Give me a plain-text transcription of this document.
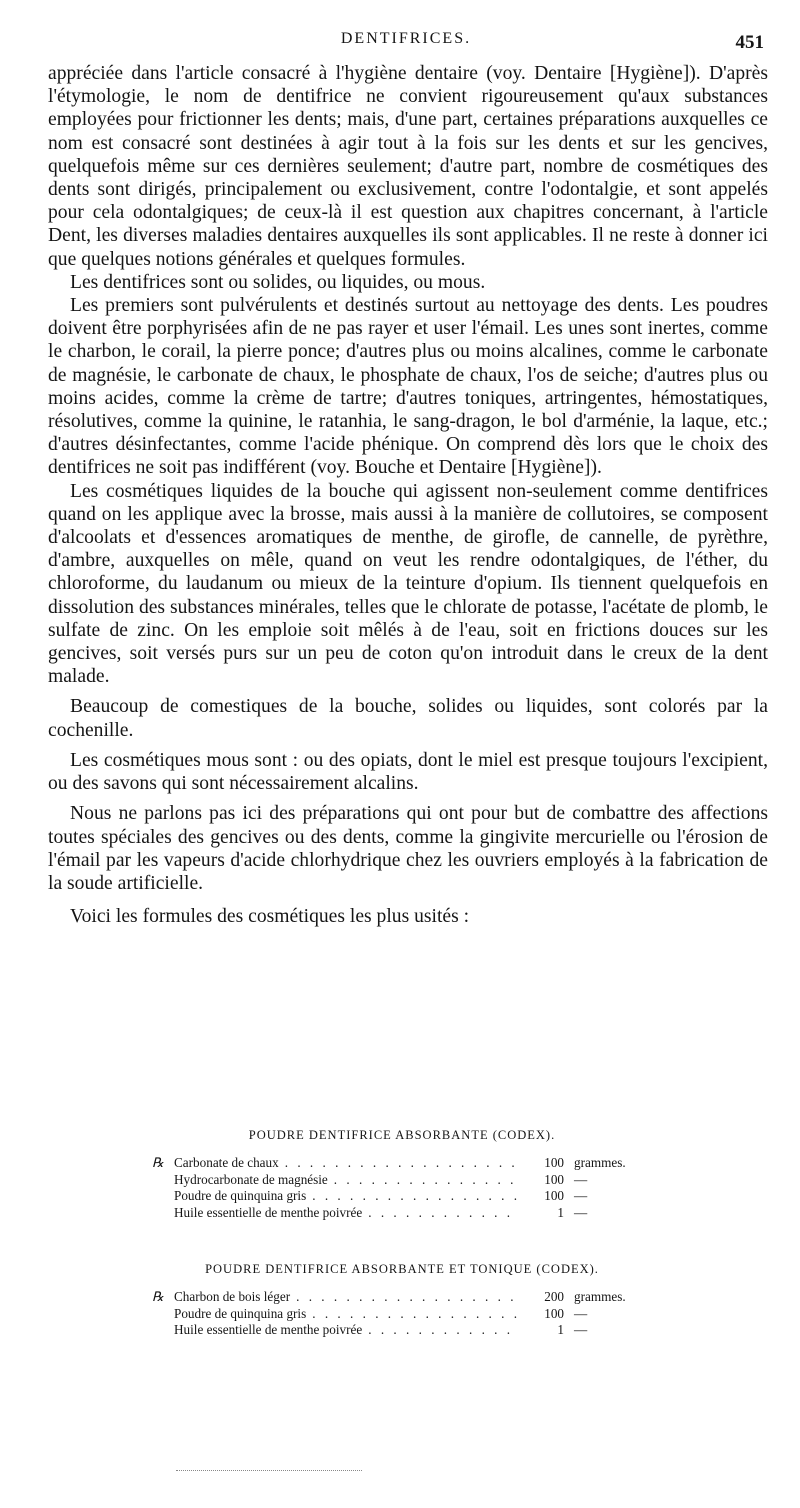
DENTIFRICES.	451

appréciée dans l'article consacré à l'hygiène dentaire (voy. Dentaire [Hygiène]). D'après l'étymologie, le nom de dentifrice ne convient rigoureusement qu'aux substances employées pour frictionner les dents; mais, d'une part, certaines préparations auxquelles ce nom est consacré sont destinées à agir tout à la fois sur les dents et sur les gencives, quelquefois même sur ces dernières seulement; d'autre part, nombre de cosmétiques des dents sont dirigés, principalement ou exclusivement, contre l'odontalgie, et sont appelés pour cela odontalgiques; de ceux-là il est question aux chapitres concernant, à l'article Dent, les diverses maladies dentaires auxquelles ils sont applicables. Il ne reste à donner ici que quelques notions générales et quelques formules.

Les dentifrices sont ou solides, ou liquides, ou mous.

Les premiers sont pulvérulents et destinés surtout au nettoyage des dents. Les poudres doivent être porphyrisées afin de ne pas rayer et user l'émail. Les unes sont inertes, comme le charbon, le corail, la pierre ponce; d'autres plus ou moins alcalines, comme le carbonate de magnésie, le carbonate de chaux, le phosphate de chaux, l'os de seiche; d'autres plus ou moins acides, comme la crème de tartre; d'autres toniques, artringentes, hémostatiques, résolutives, comme la quinine, le ratanhia, le sang-dragon, le bol d'arménie, la laque, etc.; d'autres désinfectantes, comme l'acide phénique. On comprend dès lors que le choix des dentifrices ne soit pas indifférent (voy. Bouche et Dentaire [Hygiène]).

Les cosmétiques liquides de la bouche qui agissent non-seulement comme dentifrices quand on les applique avec la brosse, mais aussi à la manière de collutoires, se composent d'alcoolats et d'essences aromatiques de menthe, de girofle, de cannelle, de pyrèthre, d'ambre, auxquelles on mêle, quand on veut les rendre odontalgiques, de l'éther, du chloroforme, du laudanum ou mieux de la teinture d'opium. Ils tiennent quelquefois en dissolution des substances minérales, telles que le chlorate de potasse, l'acétate de plomb, le sulfate de zinc. On les emploie soit mêlés à de l'eau, soit en frictions douces sur les gencives, soit versés purs sur un peu de coton qu'on introduit dans le creux de la dent malade.

Beaucoup de comestiques de la bouche, solides ou liquides, sont colorés par la cochenille.

Les cosmétiques mous sont : ou des opiats, dont le miel est presque toujours l'excipient, ou des savons qui sont nécessairement alcalins.

Nous ne parlons pas ici des préparations qui ont pour but de combattre des affections toutes spéciales des gencives ou des dents, comme la gingivite mercurielle ou l'érosion de l'émail par les vapeurs d'acide chlorhydrique chez les ouvriers employés à la fabrication de la soude artificielle.

Voici les formules des cosmétiques les plus usités :

POUDRE DENTIFRICE ABSORBANTE (CODEX).
℞ Carbonate de chaux . . .	100 grammes.
Hydrocarbonate de magnésie . . .	100 —
Poudre de quinquina gris . . .	100 —
Huile essentielle de menthe poivrée . . .	1 —
POUDRE DENTIFRICE ABSORBANTE ET TONIQUE (CODEX).
℞ Charbon de bois léger . . .	200 grammes.
Poudre de quinquina gris . . .	100 —
Huile essentielle de menthe poivrée . . .	1 —
